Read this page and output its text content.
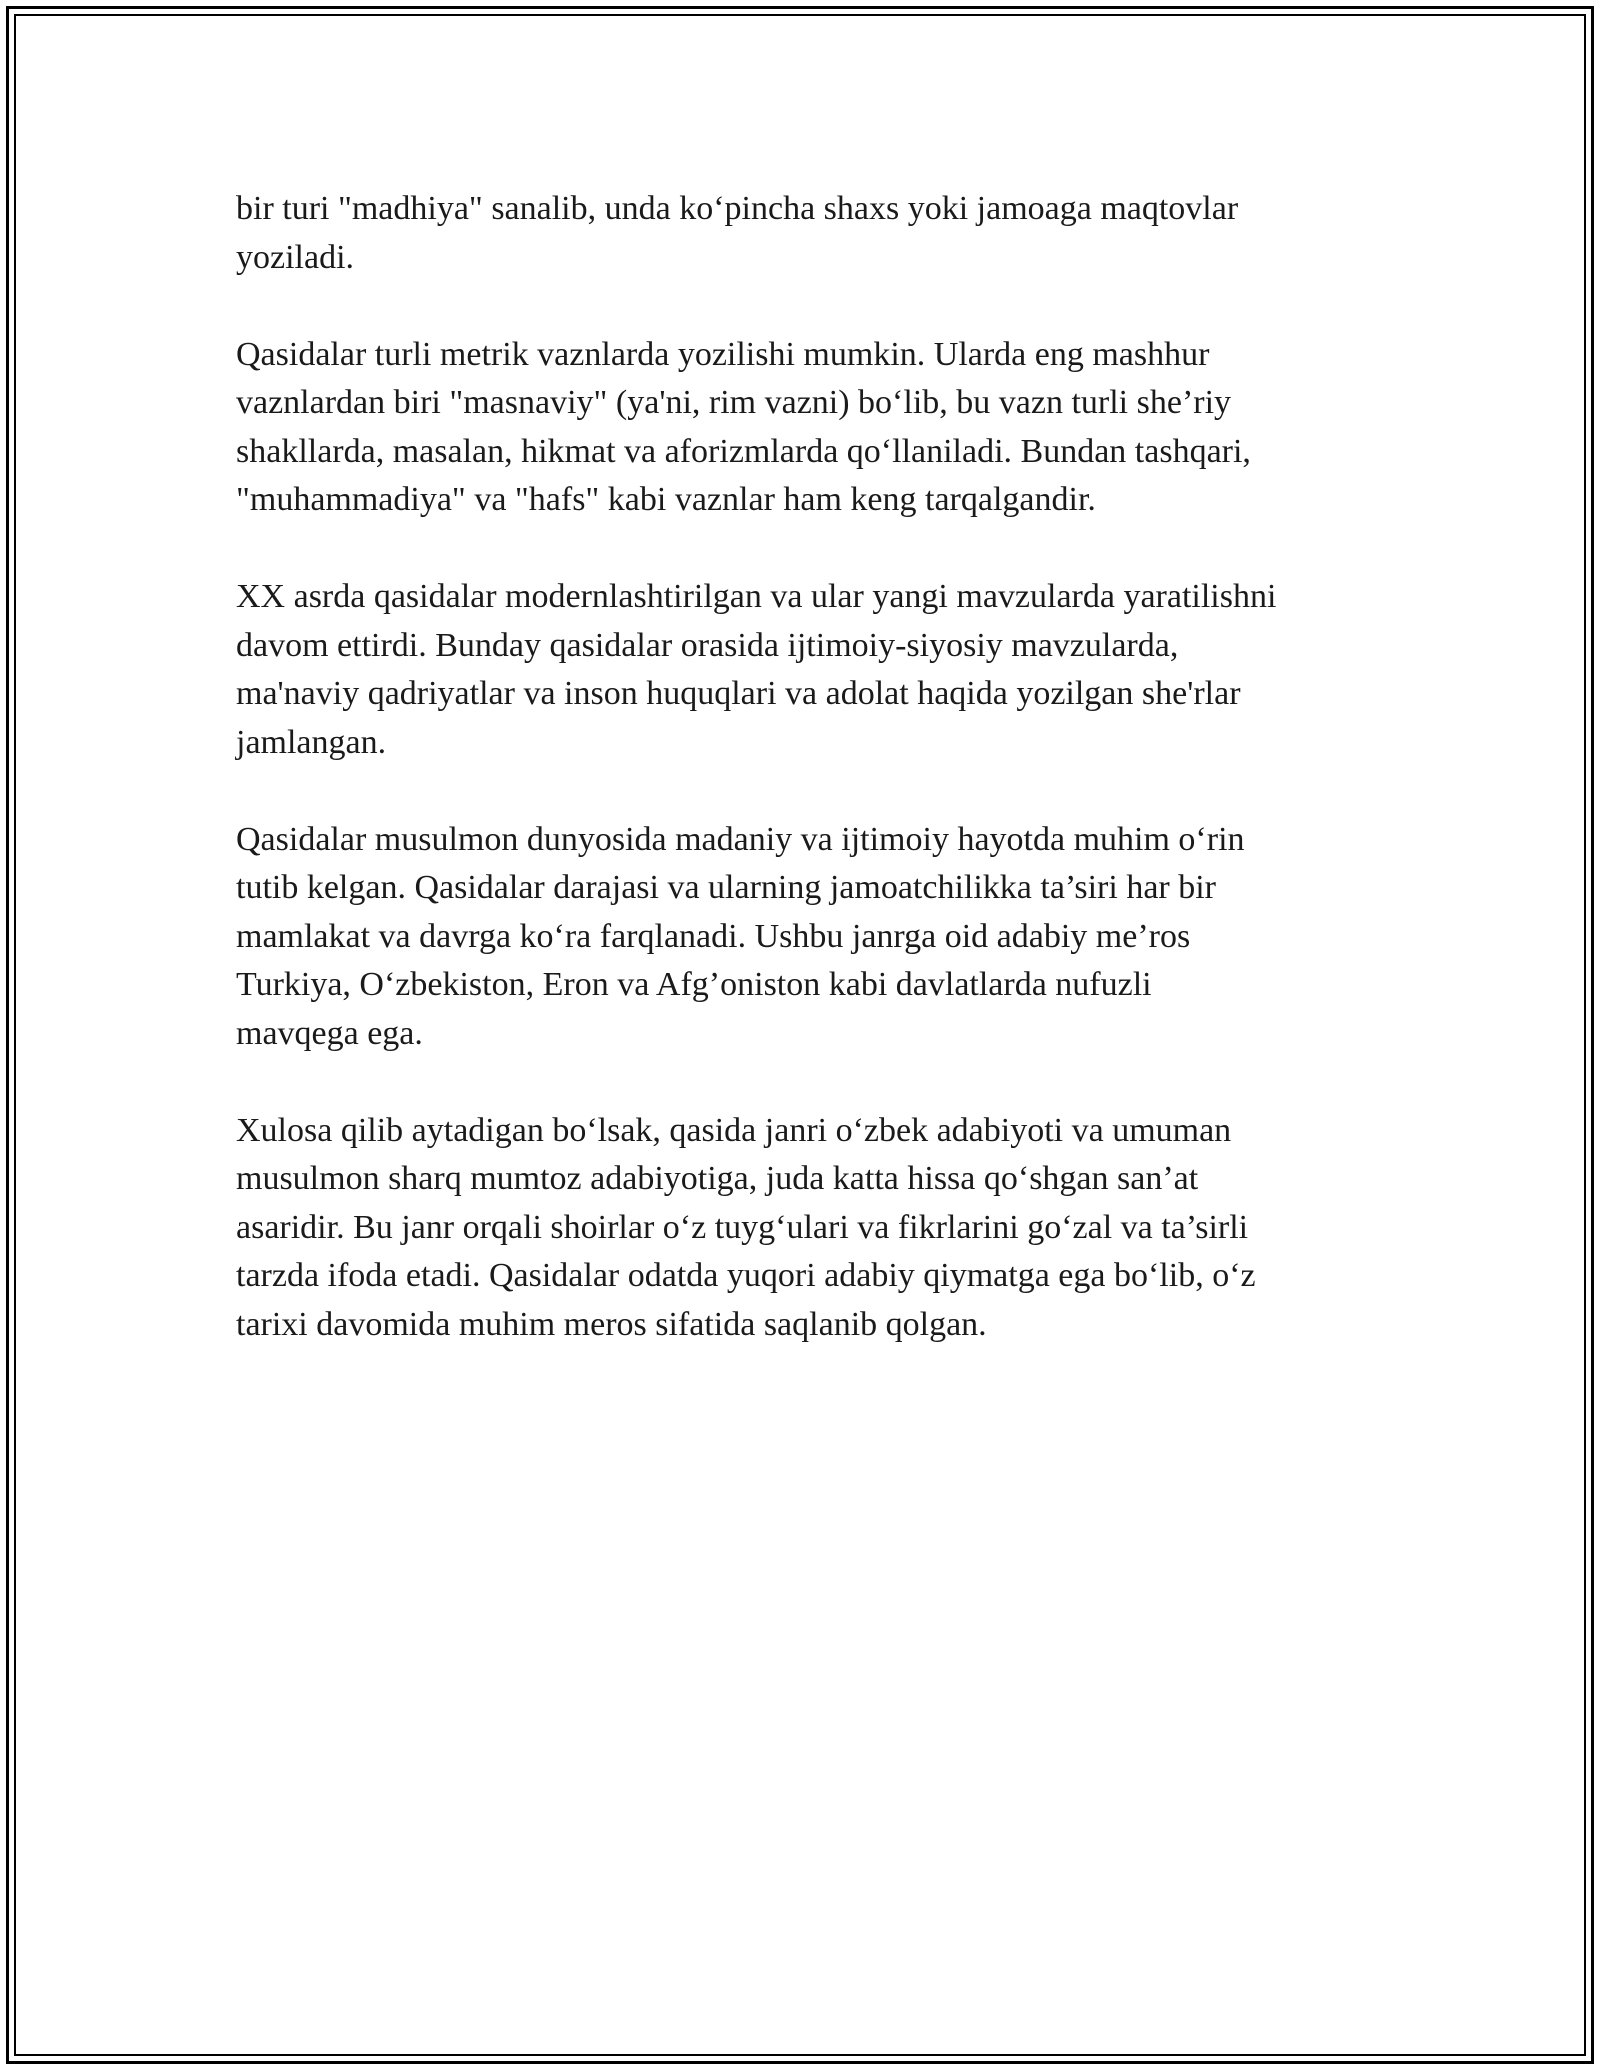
bir turi "madhiya" sanalib, unda ko‘pincha shaxs yoki jamoaga maqtovlar
yoziladi.

Qasidalar turli metrik vaznlarda yozilishi mumkin. Ularda eng mashhur
vaznlardan biri "masnaviy" (ya'ni, rim vazni) bo‘lib, bu vazn turli she’riy
shakllarda, masalan, hikmat va aforizmlarda qo‘llaniladi. Bundan tashqari,
"muhammadiya" va "hafs" kabi vaznlar ham keng tarqalgandir.

XX asrda qasidalar modernlashtirilgan va ular yangi mavzularda yaratilishni
davom ettirdi. Bunday qasidalar orasida ijtimoiy-siyosiy mavzularda,
ma'naviy qadriyatlar va inson huquqlari va adolat haqida yozilgan she'rlar
jamlangan.

Qasidalar musulmon dunyosida madaniy va ijtimoiy hayotda muhim o‘rin
tutib kelgan. Qasidalar darajasi va ularning jamoatchilikka ta’siri har bir
mamlakat va davrga ko‘ra farqlanadi. Ushbu janrga oid adabiy me’ros
Turkiya, O‘zbekiston, Eron va Afg’oniston kabi davlatlarda nufuzli
mavqega ega.

Xulosa qilib aytadigan bo‘lsak, qasida janri o‘zbek adabiyoti va umuman
musulmon sharq mumtoz adabiyotiga, juda katta hissa qo‘shgan san’at
asaridir. Bu janr orqali shoirlar o‘z tuyg‘ulari va fikrlarini go‘zal va ta’sirli
tarzda ifoda etadi. Qasidalar odatda yuqori adabiy qiymatga ega bo‘lib, o‘z
tarixi davomida muhim meros sifatida saqlanib qolgan.
